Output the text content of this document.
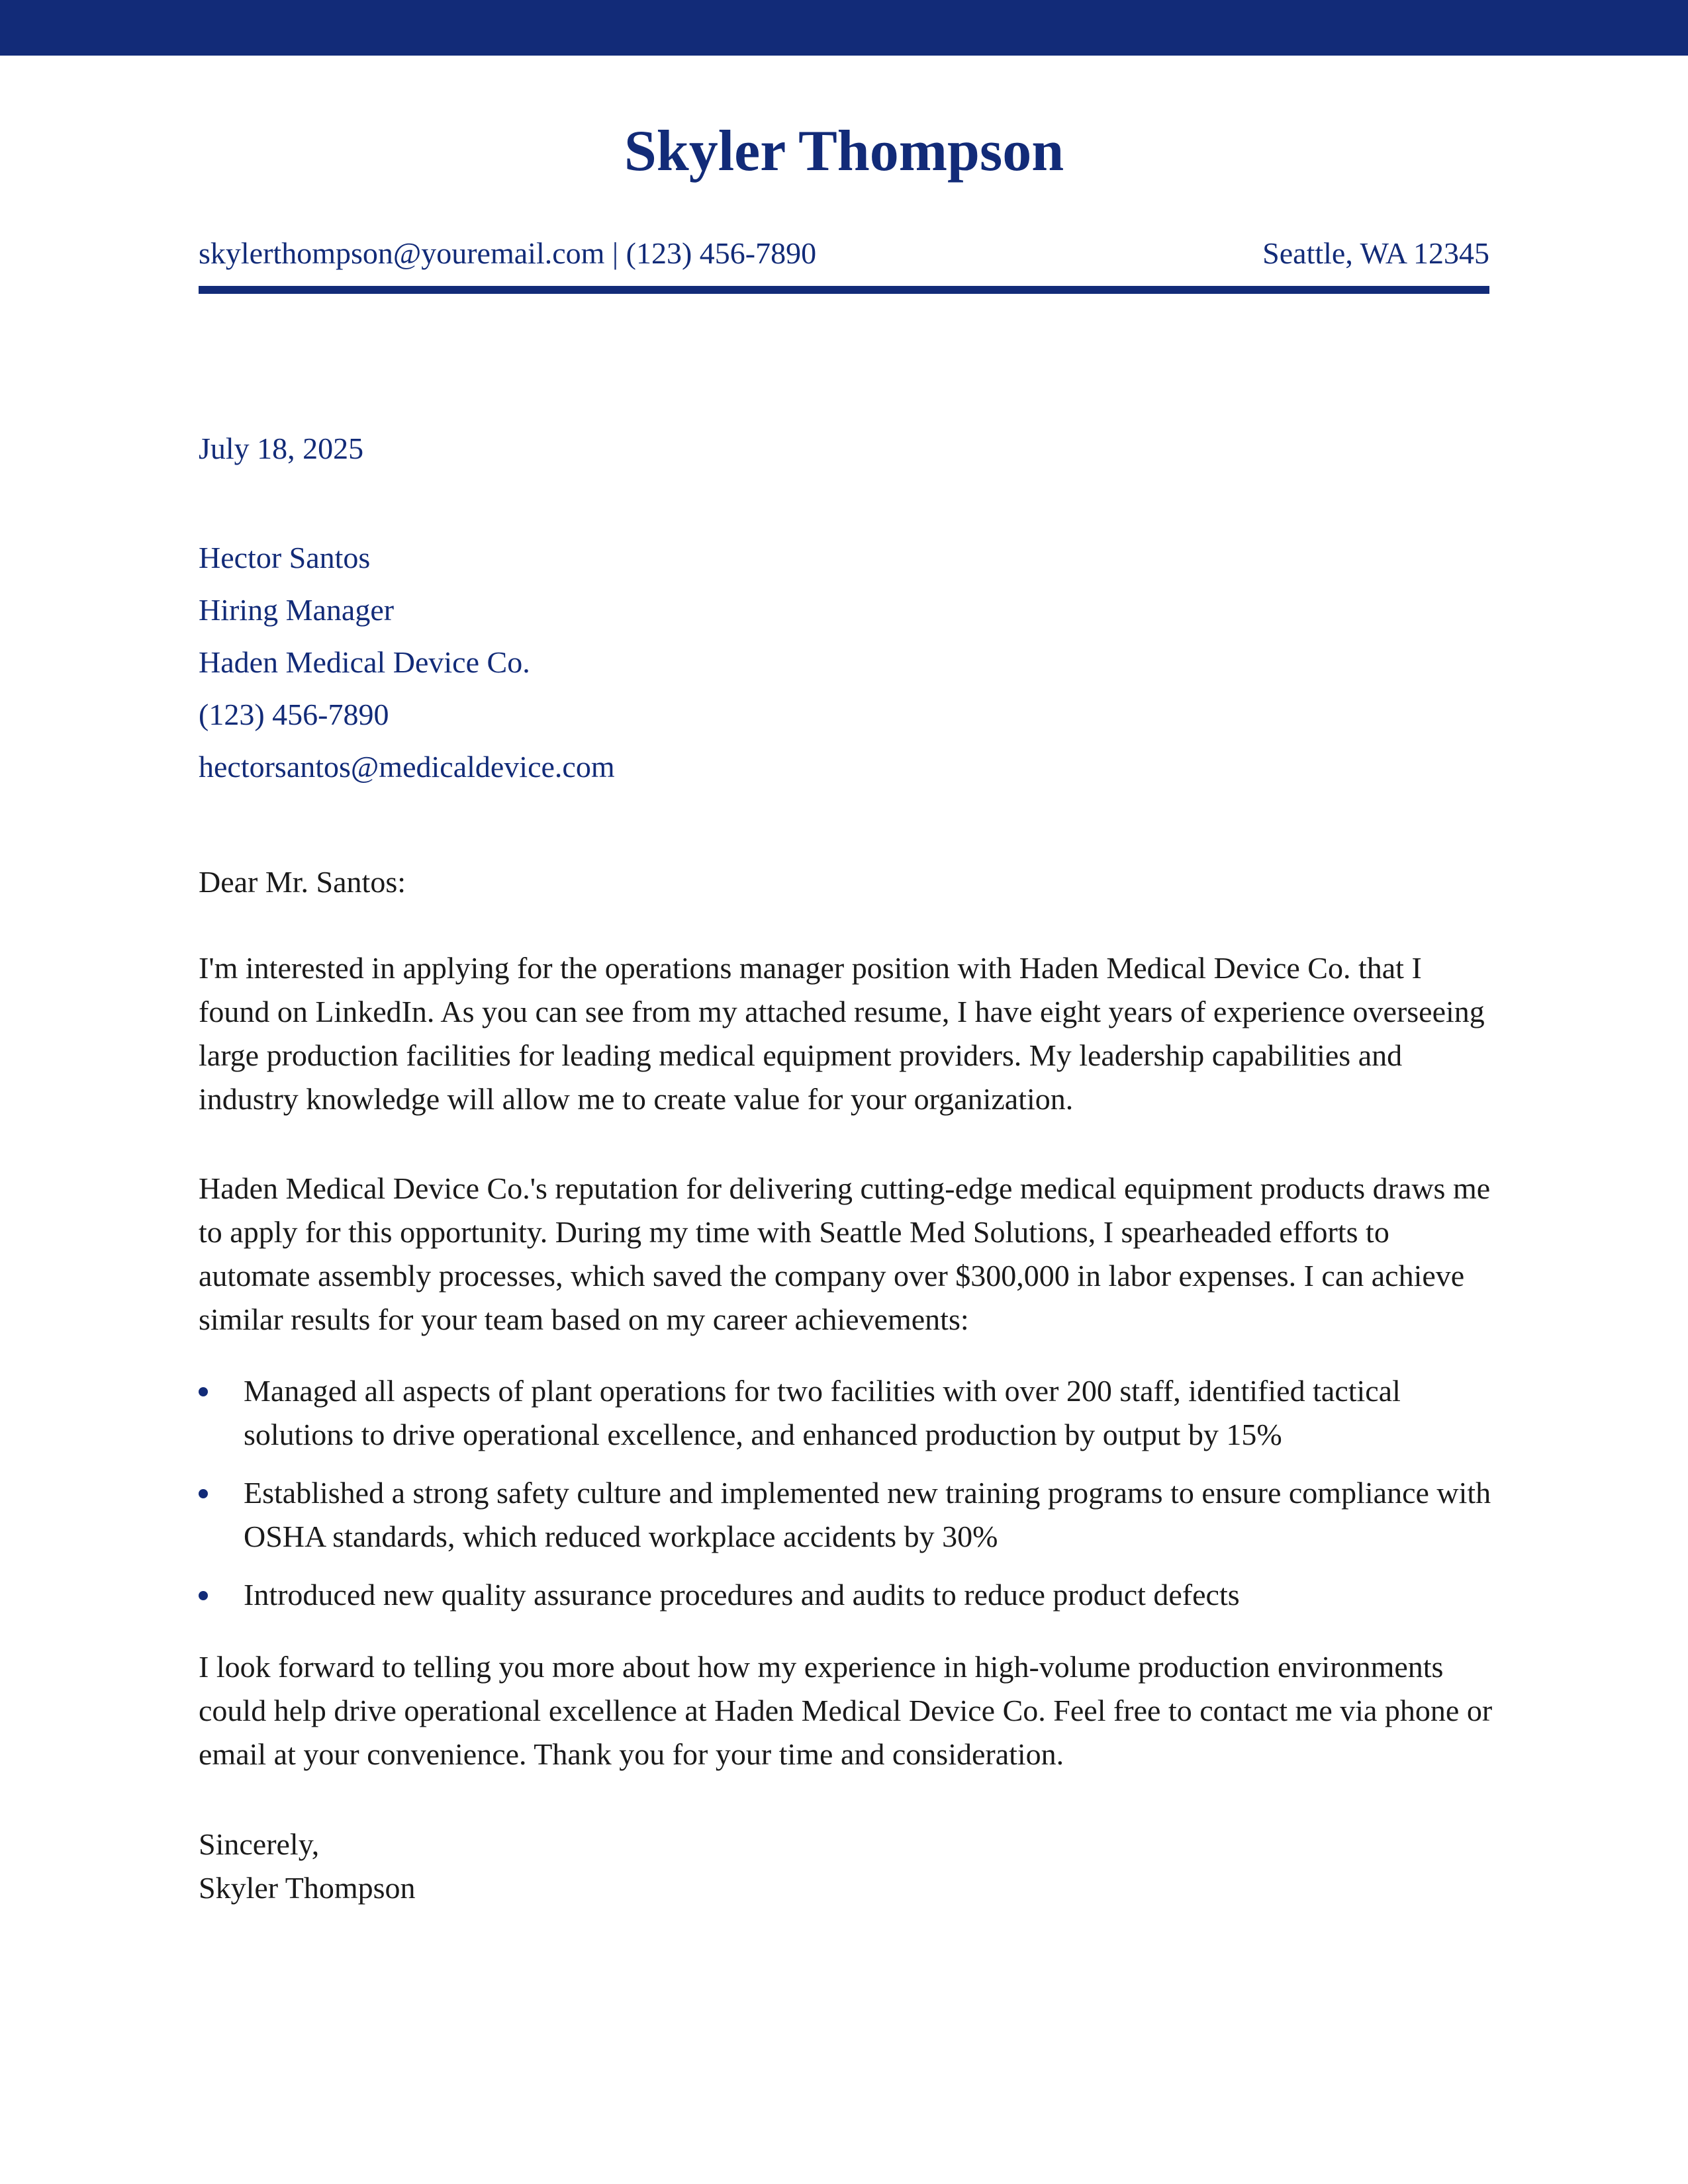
Skyler Thompson
skylerthompson@youremail.com | (123) 456-7890	Seattle, WA 12345
July 18, 2025
Hector Santos
Hiring Manager
Haden Medical Device Co.
(123) 456-7890
hectorsantos@medicaldevice.com
Dear Mr. Santos:

I'm interested in applying for the operations manager position with Haden Medical Device Co. that I found on LinkedIn. As you can see from my attached resume, I have eight years of experience overseeing large production facilities for leading medical equipment providers. My leadership capabilities and industry knowledge will allow me to create value for your organization.

Haden Medical Device Co.'s reputation for delivering cutting-edge medical equipment products draws me to apply for this opportunity. During my time with Seattle Med Solutions, I spearheaded efforts to automate assembly processes, which saved the company over $300,000 in labor expenses. I can achieve similar results for your team based on my career achievements:

Managed all aspects of plant operations for two facilities with over 200 staff, identified tactical solutions to drive operational excellence, and enhanced production by output by 15%
Established a strong safety culture and implemented new training programs to ensure compliance with OSHA standards, which reduced workplace accidents by 30%
Introduced new quality assurance procedures and audits to reduce product defects

I look forward to telling you more about how my experience in high-volume production environments could help drive operational excellence at Haden Medical Device Co. Feel free to contact me via phone or email at your convenience. Thank you for your time and consideration.

Sincerely,
Skyler Thompson
